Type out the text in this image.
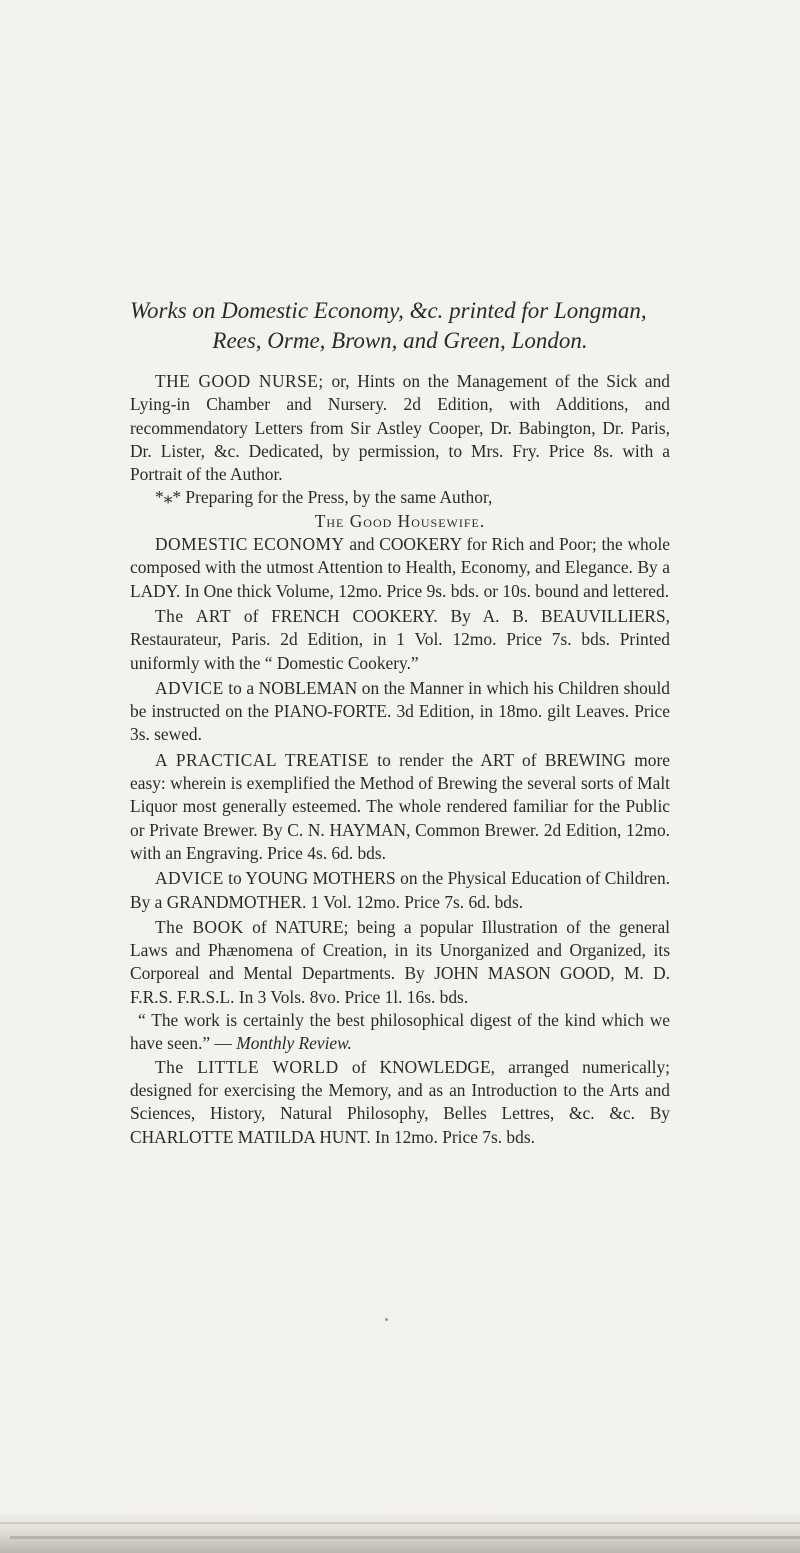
Works on Domestic Economy, &c. printed for Longman,
Rees, Orme, Brown, and Green, London.

THE GOOD NURSE; or, Hints on the Management of the Sick and Lying-in Chamber and Nursery. 2d Edition, with Additions, and recommendatory Letters from Sir Astley Cooper, Dr. Babington, Dr. Paris, Dr. Lister, &c. Dedicated, by permission, to Mrs. Fry. Price 8s. with a Portrait of the Author.

*⁎* Preparing for the Press, by the same Author,

The Good Housewife.

DOMESTIC ECONOMY and COOKERY for Rich and Poor; the whole composed with the utmost Attention to Health, Economy, and Elegance. By a LADY. In One thick Volume, 12mo. Price 9s. bds. or 10s. bound and lettered.

The ART of FRENCH COOKERY. By A. B. BEAUVILLIERS, Restaurateur, Paris. 2d Edition, in 1 Vol. 12mo. Price 7s. bds. Printed uniformly with the “ Domestic Cookery.”

ADVICE to a NOBLEMAN on the Manner in which his Children should be instructed on the PIANO-FORTE. 3d Edition, in 18mo. gilt Leaves. Price 3s. sewed.

A PRACTICAL TREATISE to render the ART of BREWING more easy: wherein is exemplified the Method of Brewing the several sorts of Malt Liquor most generally esteemed. The whole rendered familiar for the Public or Private Brewer. By C. N. HAYMAN, Common Brewer. 2d Edition, 12mo. with an Engraving. Price 4s. 6d. bds.

ADVICE to YOUNG MOTHERS on the Physical Education of Children. By a GRANDMOTHER. 1 Vol. 12mo. Price 7s. 6d. bds.

The BOOK of NATURE; being a popular Illustration of the general Laws and Phænomena of Creation, in its Unorganized and Organized, its Corporeal and Mental Departments. By JOHN MASON GOOD, M. D. F.R.S. F.R.S.L. In 3 Vols. 8vo. Price 1l. 16s. bds.

“ The work is certainly the best philosophical digest of the kind which we have seen.” — Monthly Review.

The LITTLE WORLD of KNOWLEDGE, arranged numerically; designed for exercising the Memory, and as an Introduction to the Arts and Sciences, History, Natural Philosophy, Belles Lettres, &c. &c. By CHARLOTTE MATILDA HUNT. In 12mo. Price 7s. bds.
